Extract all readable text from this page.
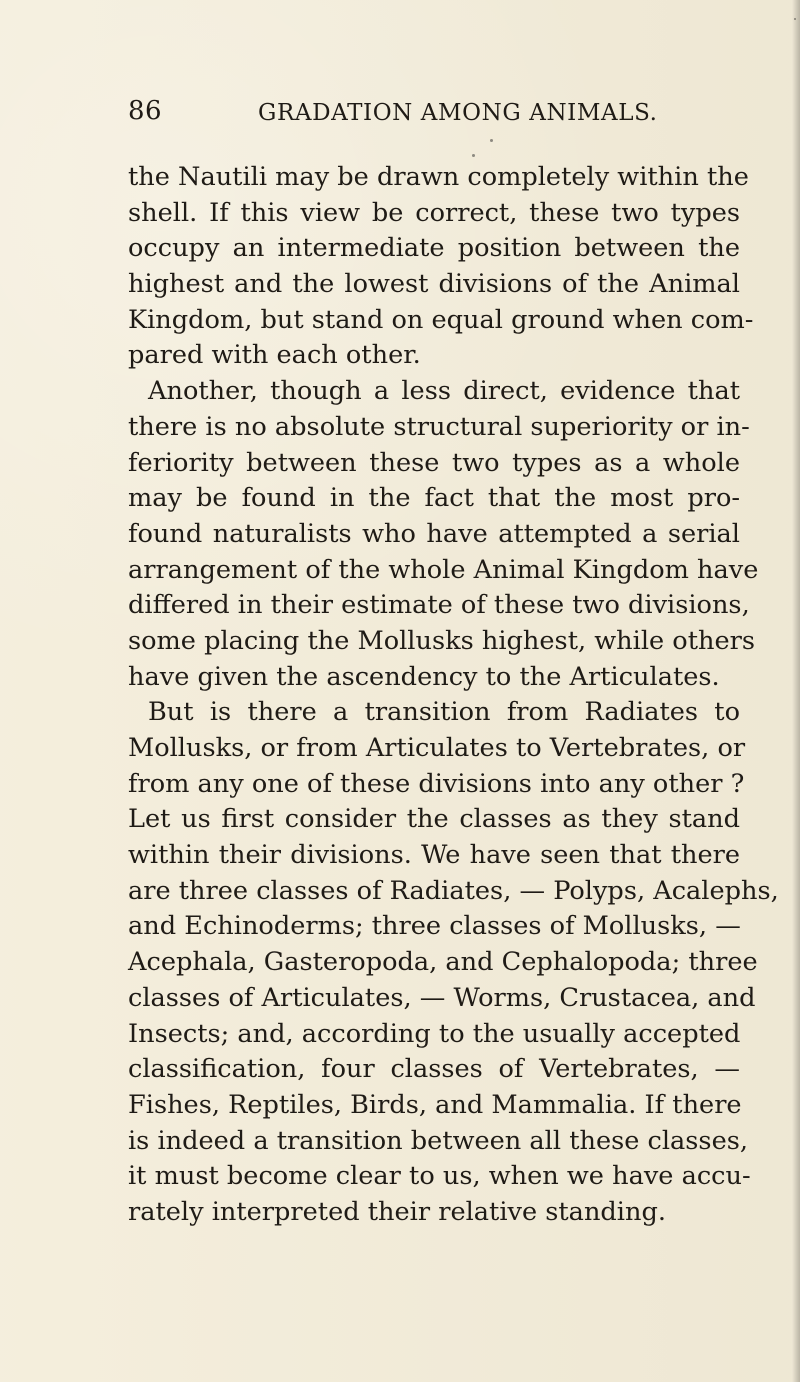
86	GRADATION AMONG ANIMALS.
the Nautili may be drawn completely within the
shell. If this view be correct, these two types
occupy an intermediate position between the
highest and the lowest divisions of the Animal
Kingdom, but stand on equal ground when com-
pared with each other.
Another, though a less direct, evidence that
there is no absolute structural superiority or in-
feriority between these two types as a whole
may be found in the fact that the most pro-
found naturalists who have attempted a serial
arrangement of the whole Animal Kingdom have
differed in their estimate of these two divisions,
some placing the Mollusks highest, while others
have given the ascendency to the Articulates.
But is there a transition from Radiates to
Mollusks, or from Articulates to Vertebrates, or
from any one of these divisions into any other ?
Let us first consider the classes as they stand
within their divisions. We have seen that there
are three classes of Radiates, — Polyps, Acalephs,
and Echinoderms; three classes of Mollusks, —
Acephala, Gasteropoda, and Cephalopoda; three
classes of Articulates, — Worms, Crustacea, and
Insects; and, according to the usually accepted
classification, four classes of Vertebrates, —
Fishes, Reptiles, Birds, and Mammalia. If there
is indeed a transition between all these classes,
it must become clear to us, when we have accu-
rately interpreted their relative standing.
